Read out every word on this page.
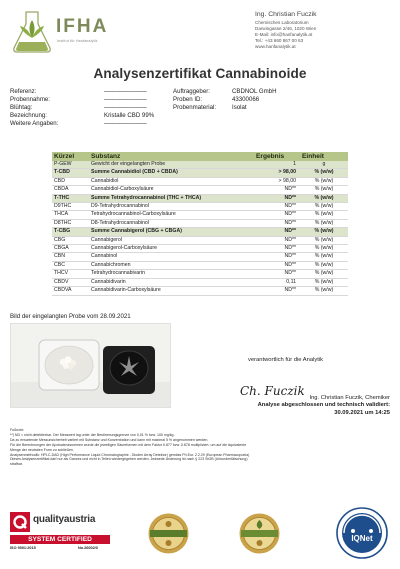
IFHA
Institut für Hanfanalytik
Ing. Christian Fuczik
Chemisches Laboratorium
Darwingasse 2/46, 1020 Wien
E-Mail: info@hanfanalytik.at
Tel.: +43 660 867 00 63
www.hanfanalytik.at
Analysenzertifikat Cannabinoide
Referenz:	———————
Probennahme:	———————
Blühtag:	———————
Bezeichnung:	Kristalle CBD 99%
Weitere Angaben:	———————
Auftraggeber:	CBDNOL GmbH
Proben ID:	43300066
Probenmaterial:	Isolat
Kürzel	Substanz	Ergebnis	Einheit
P-GEW	Gewicht der eingelangten Probe	1	g
T-CBD	Summe Cannabidiol (CBD + CBDA)	> 98,00	% (w/w)
CBD	Cannabidiol	> 98,00	% (w/w)
CBDA	Cannabidiol-Carboxylsäure	ND**	% (w/w)
T-THC	Summe Tetrahydrocannabinol (THC + THCA)	ND**	% (w/w)
D9THC	D9-Tetrahydrocannabinol	ND**	% (w/w)
THCA	Tetrahydrocannabinol-Carboxylsäure	ND**	% (w/w)
D8THC	D8-Tetrahydrocannabinol	ND**	% (w/w)
T-CBG	Summe Cannabigerol (CBG + CBGA)	ND**	% (w/w)
CBG	Cannabigerol	ND**	% (w/w)
CBGA	Cannabigerol-Carboxylsäure	ND**	% (w/w)
CBN	Cannabinol	ND**	% (w/w)
CBC	Cannabichromen	ND**	% (w/w)
THCV	Tetrahydrocannabivarin	ND**	% (w/w)
CBDV	Cannabidivarin	0,11	% (w/w)
CBDVA	Cannabidivarin-Carboxylsäure	ND**	% (w/w)
Bild der eingelangten Probe vom 28.09.2021
verantwortlich für die Analytik
Ch. Fuczik Ing. Christian Fuczik, Chemiker
Analyse abgeschlossen und technisch validiert:
30.09.2021 um 14:25
Fußnote:
**) ND = nicht detektierbar. Der Messwert lag unter der Bestimmungsgrenze von 0,01 % bzw. 100 mg/kg.
Da zu erwartende Messunsicherheit variiert mit Substanz und Konzentration und kann mit maximal 5 % angenommen werden.
Für die Berechnungen der Apoisalenzsummen wurde die jeweiligen Säureformen mit dem Faktor 0.877 bzw. 0.878 multipliziert, um auf die äquivalente
Menge der neutralen Form zu schließen.
Analysenmethodik: HPLC-DAD (High Performance Liquid Chromatographie - Dioden Array Detektor) gemäss Ph.Eur. 2.2.29 (European Pharmacopoeia)
Dieses Analysenzertifikat darf nur als Ganzes und nicht in Teilen wiedergegeben werden. Jedwede Änderung ist nach § 223 StGB (Urkundenfälschung)
strafbar.
qualityaustria
SYSTEM CERTIFIED
ISO 9001:2015	No.26002/0
IQNet
